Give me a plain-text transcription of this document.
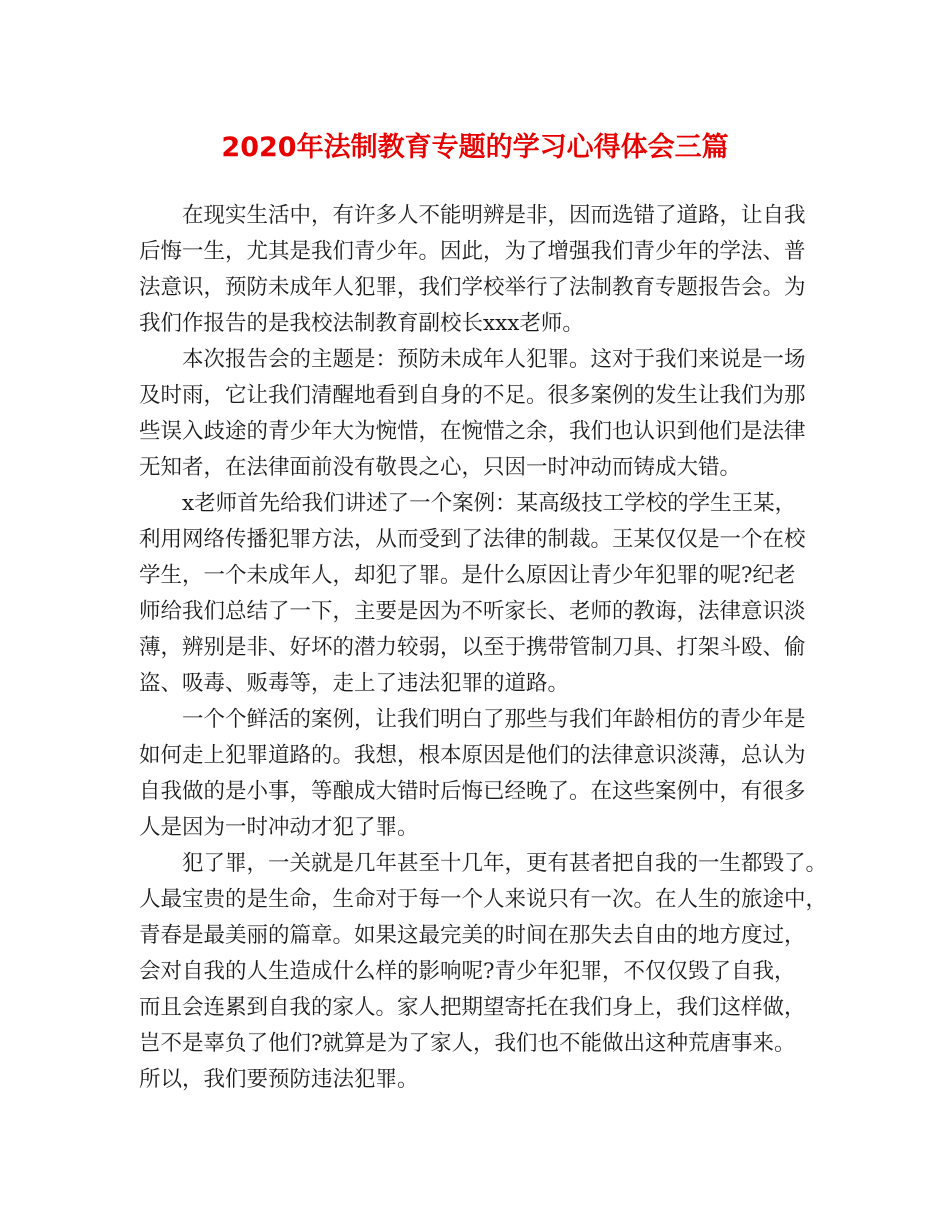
2020年法制教育专题的学习心得体会三篇

在现实生活中，有许多人不能明辨是非，因而选错了道路，让自我

后悔一生，尤其是我们青少年。因此，为了增强我们青少年的学法、普

法意识，预防未成年人犯罪，我们学校举行了法制教育专题报告会。为

我们作报告的是我校法制教育副校长xxx老师。

本次报告会的主题是：预防未成年人犯罪。这对于我们来说是一场

及时雨，它让我们清醒地看到自身的不足。很多案例的发生让我们为那

些误入歧途的青少年大为惋惜，在惋惜之余，我们也认识到他们是法律

无知者，在法律面前没有敬畏之心，只因一时冲动而铸成大错。

x老师首先给我们讲述了一个案例：某高级技工学校的学生王某，

利用网络传播犯罪方法，从而受到了法律的制裁。王某仅仅是一个在校

学生，一个未成年人，却犯了罪。是什么原因让青少年犯罪的呢?纪老

师给我们总结了一下，主要是因为不听家长、老师的教诲，法律意识淡

薄，辨别是非、好坏的潜力较弱，以至于携带管制刀具、打架斗殴、偷

盗、吸毒、贩毒等，走上了违法犯罪的道路。

一个个鲜活的案例，让我们明白了那些与我们年龄相仿的青少年是

如何走上犯罪道路的。我想，根本原因是他们的法律意识淡薄，总认为

自我做的是小事，等酿成大错时后悔已经晚了。在这些案例中，有很多

人是因为一时冲动才犯了罪。

犯了罪，一关就是几年甚至十几年，更有甚者把自我的一生都毁了。

人最宝贵的是生命，生命对于每一个人来说只有一次。在人生的旅途中，

青春是最美丽的篇章。如果这最完美的时间在那失去自由的地方度过，

会对自我的人生造成什么样的影响呢?青少年犯罪，不仅仅毁了自我，

而且会连累到自我的家人。家人把期望寄托在我们身上，我们这样做，

岂不是辜负了他们?就算是为了家人，我们也不能做出这种荒唐事来。

所以，我们要预防违法犯罪。
